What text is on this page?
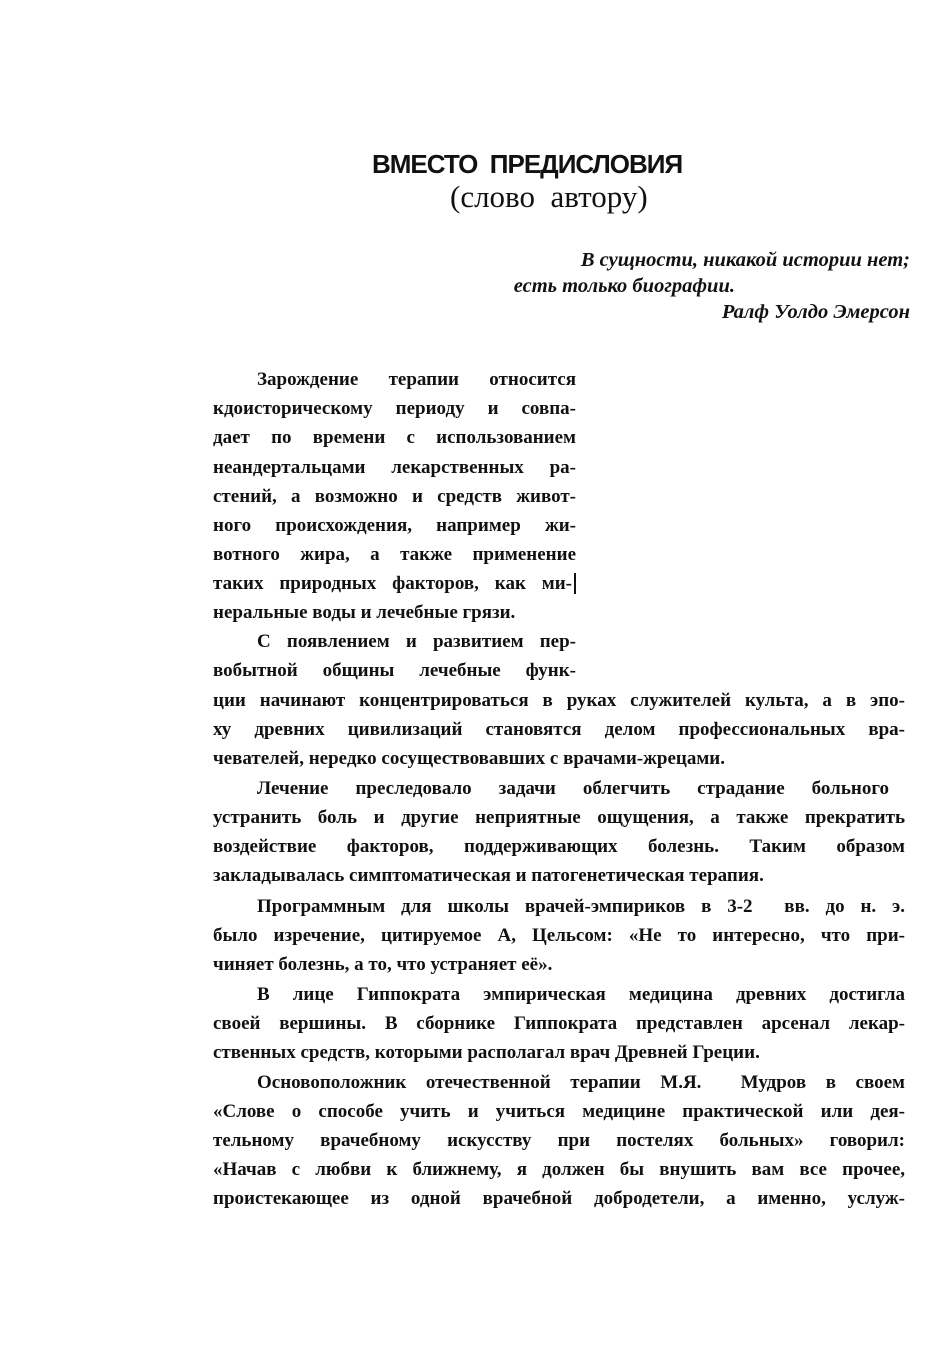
ВМЕСТО  ПРЕДИСЛОВИЯ
(слово  автору)
В сущности, никакой истории нет;
есть только биографии.
Ралф Уолдо Эмерсон
Зарождение терапии относится
кдоисторическому периоду и совпа-
дает по времени с использованием
неандертальцами лекарственных ра-
стений, а возможно и средств живот-
ного происхождения, например жи-
вотного жира, а также применение
таких природных факторов, как ми-
неральные воды и лечебные грязи.
С появлением и развитием пер-
вобытной общины лечебные функ-
ции начинают концентрироваться в руках служителей культа, а в эпо-
ху древних цивилизаций становятся делом профессиональных вра-
чевателей, нередко сосуществовавших с врачами-жрецами.
Лечение преследовало задачи облегчить страдание больного
устранить боль и другие неприятные ощущения, а также прекратить
воздействие факторов, поддерживающих болезнь. Таким образом
закладывалась симптоматическая и патогенетическая терапия.
Программным для школы врачей-эмпириков в 3-2  вв. до н. э.
было изречение, цитируемое А, Цельсом: «Не то интересно, что при-
чиняет болезнь, а то, что устраняет её».
В лице Гиппократа эмпирическая медицина древних достигла
своей вершины. В сборнике Гиппократа представлен арсенал лекар-
ственных средств, которыми располагал врач Древней Греции.
Основоположник отечественной терапии М.Я.  Мудров в своем
«Слове о способе учить и учиться медицине практической или дея-
тельному врачебному искусству при постелях больных» говорил:
«Начав с любви к ближнему, я должен бы внушить вам все прочее,
проистекающее из одной врачебной добродетели, а именно, услуж-
